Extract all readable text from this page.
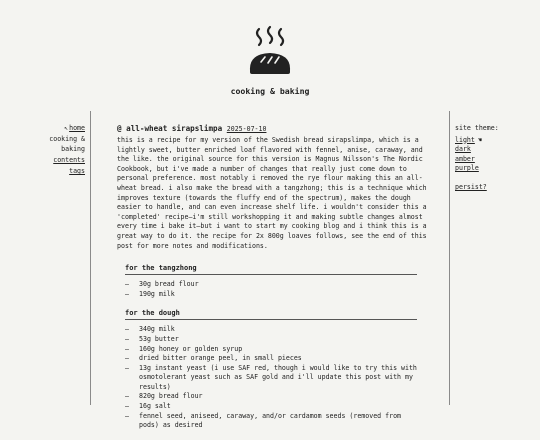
cooking & baking
↖home
cooking & baking
contents
tags
@ all-wheat sirapslimpa 2025-07-10

this is a recipe for my version of the Swedish bread sirapslimpa, which is a lightly sweet, butter enriched loaf flavored with fennel, anise, caraway, and the like. the original source for this version is Magnus Nilsson's The Nordic Cookbook, but i've made a number of changes that really just come down to personal preference. most notably i removed the rye flour making this an all-wheat bread. i also make the bread with a tangzhong; this is a technique which improves texture (towards the fluffy end of the spectrum), makes the dough easier to handle, and can even increase shelf life. i wouldn't consider this a 'completed' recipe—i'm still workshopping it and making subtle changes almost every time i bake it—but i want to start my cooking blog and i think this is a great way to do it. the recipe for 2x 800g loaves follows, see the end of this post for more notes and modifications.

for the tangzhong
– 30g bread flour
– 190g milk
for the dough
– 340g milk
– 53g butter
– 160g honey or golden syrup
– dried bitter orange peel, in small pieces
– 13g instant yeast (i use SAF red, though i would like to try this with osmotolerant yeast such as SAF gold and i'll update this post with my results)
– 820g bread flour
– 16g salt
– fennel seed, aniseed, caraway, and/or cardamom seeds (removed from pods) as desired
site theme:
light ☚
dark
amber
purple
persist?
